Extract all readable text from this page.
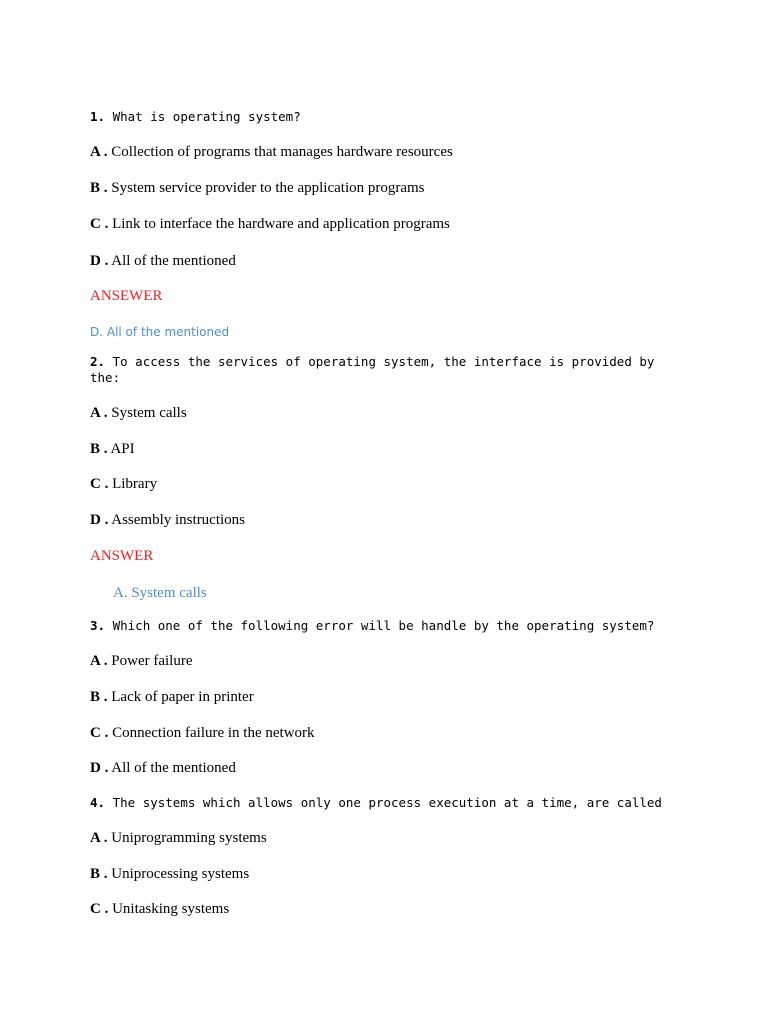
1. What is operating system?
A . Collection of programs that manages hardware resources
B . System service provider to the application programs
C . Link to interface the hardware and application programs
D . All of the mentioned
ANSEWER
D. All of the mentioned
2. To access the services of operating system, the interface is provided by the:
A . System calls
B . API
C . Library
D . Assembly instructions
ANSWER
A. System calls
3. Which one of the following error will be handle by the operating system?
A . Power failure
B . Lack of paper in printer
C . Connection failure in the network
D . All of the mentioned
4. The systems which allows only one process execution at a time, are called
A . Uniprogramming systems
B . Uniprocessing systems
C . Unitasking systems
